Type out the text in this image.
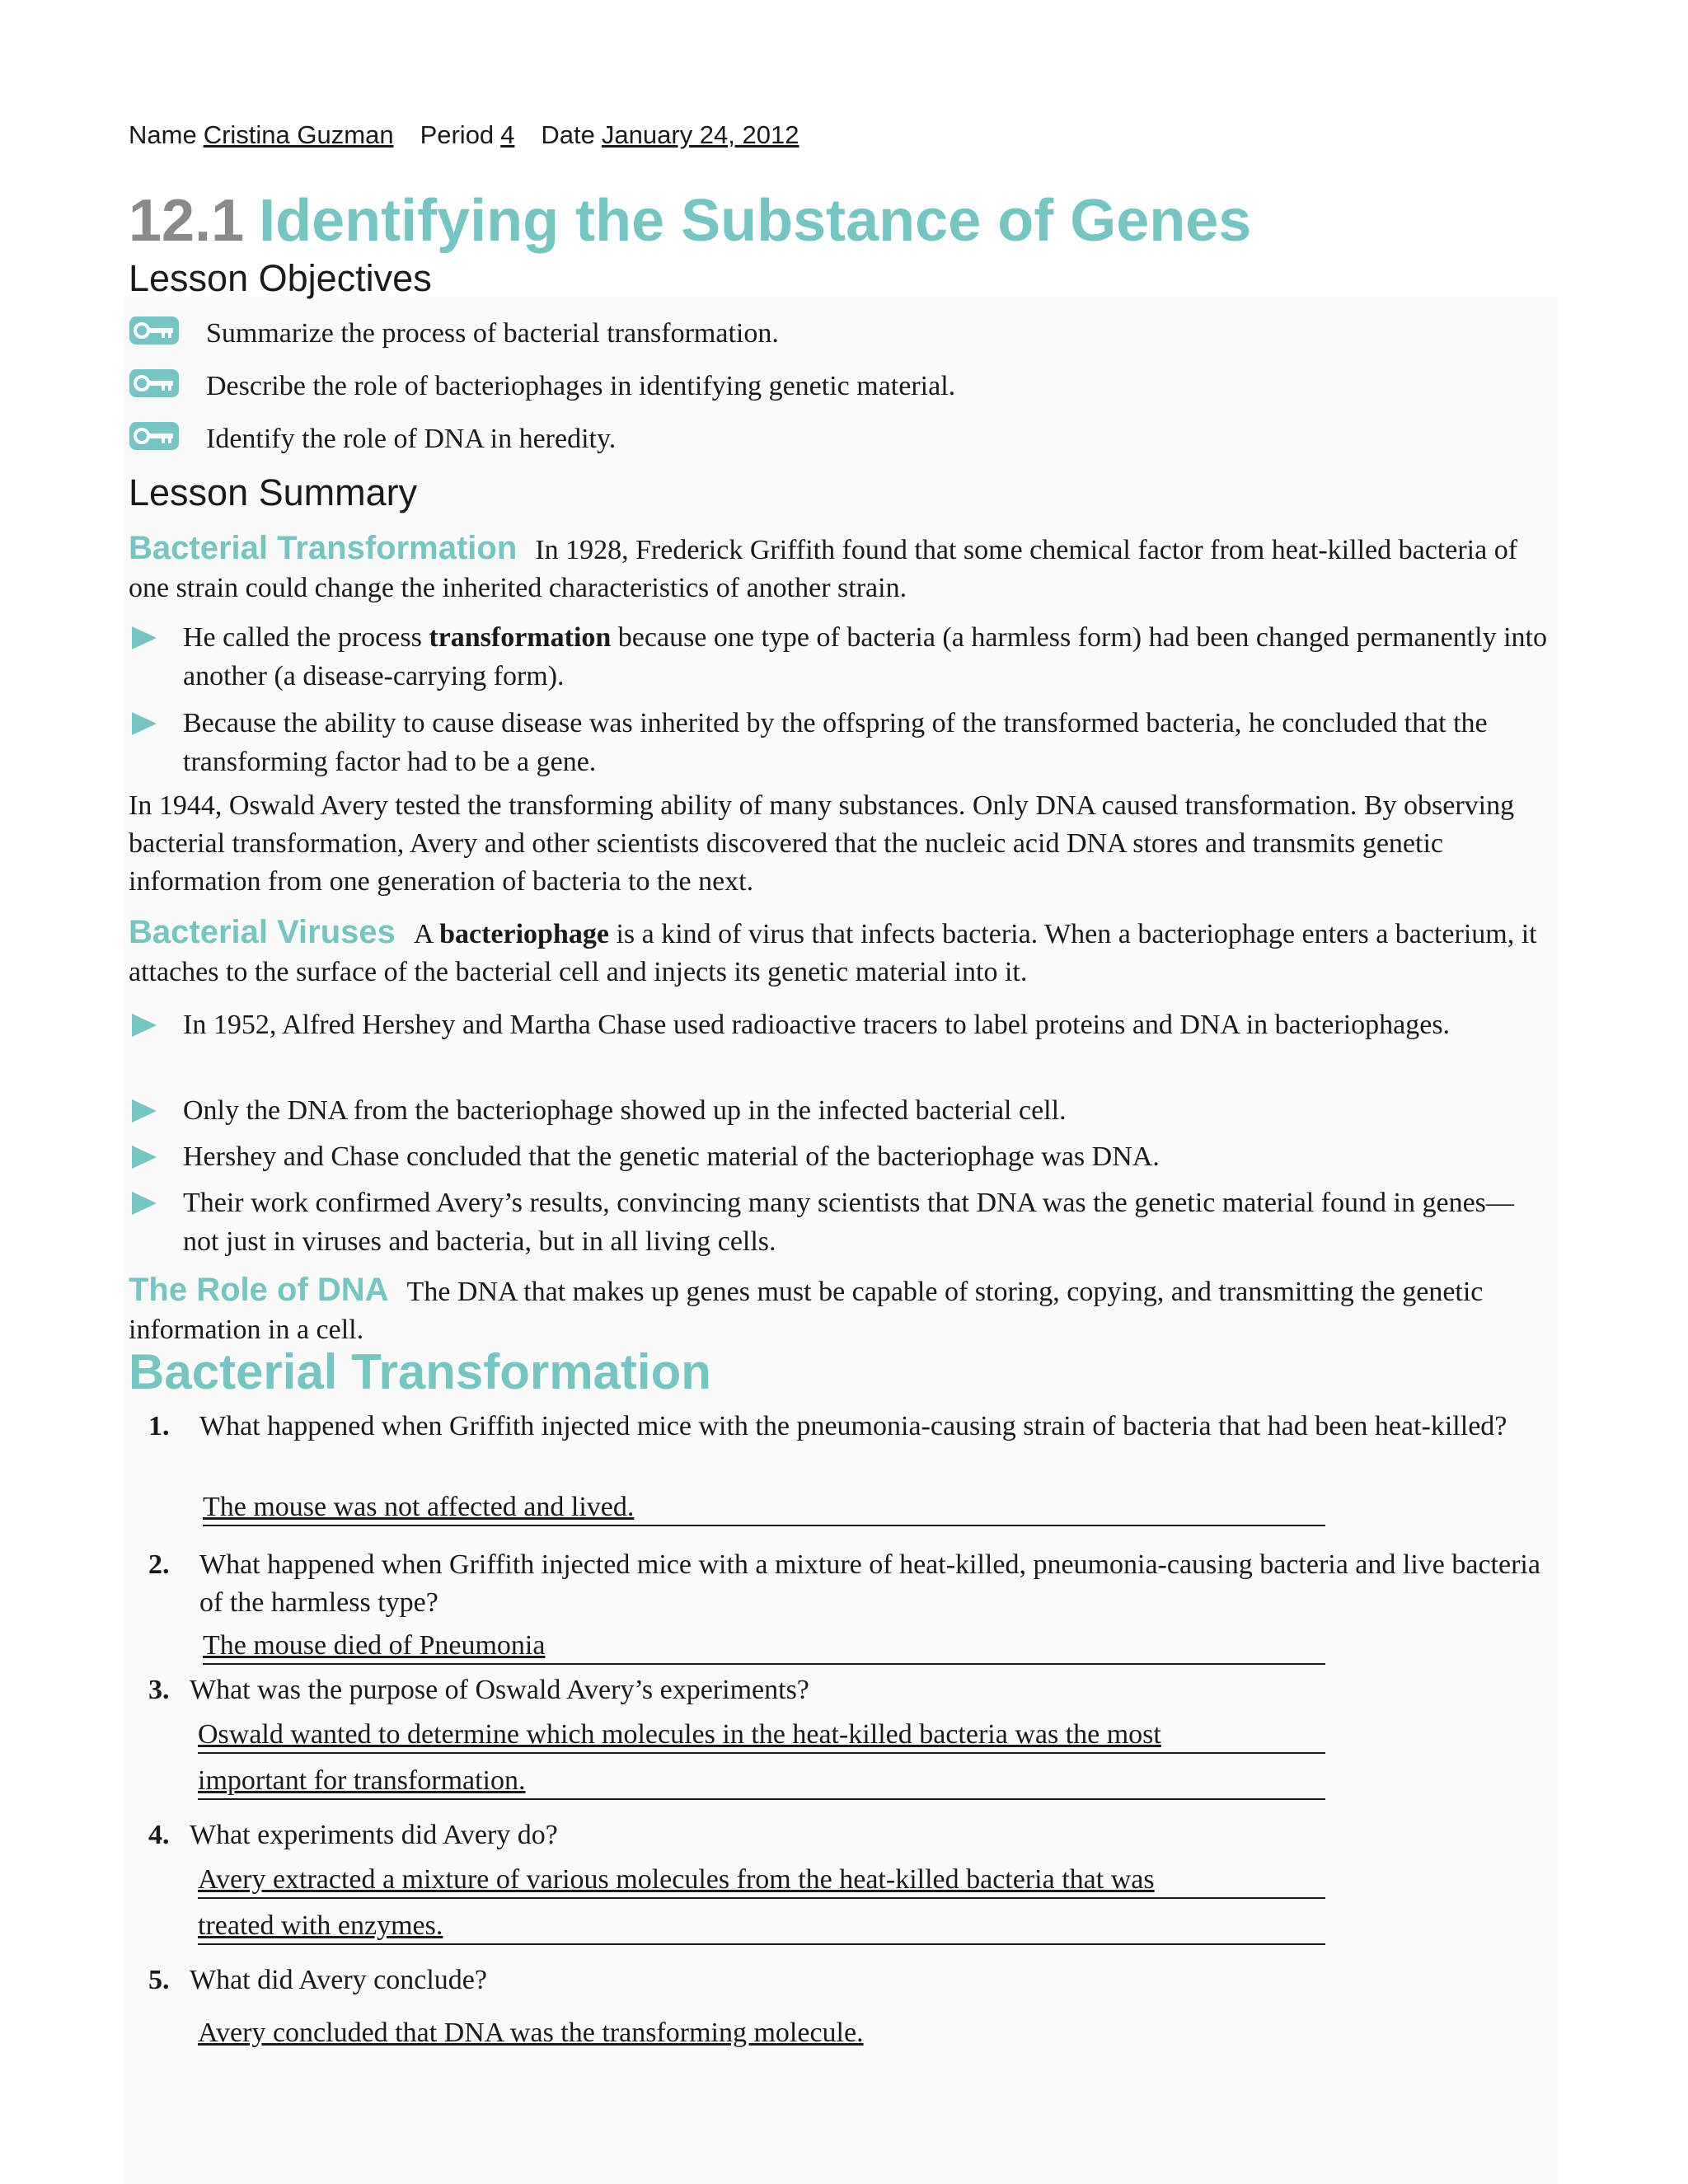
Name Cristina Guzman Period 4 Date January 24, 2012
12.1 Identifying the Substance of Genes
Lesson Objectives
Summarize the process of bacterial transformation.
Describe the role of bacteriophages in identifying genetic material.
Identify the role of DNA in heredity.
Lesson Summary
Bacterial Transformation In 1928, Frederick Griffith found that some chemical factor from heat-killed bacteria of one strain could change the inherited characteristics of another strain.
He called the process transformation because one type of bacteria (a harmless form) had been changed permanently into another (a disease-carrying form).
Because the ability to cause disease was inherited by the offspring of the transformed bacteria, he concluded that the transforming factor had to be a gene.
In 1944, Oswald Avery tested the transforming ability of many substances. Only DNA caused transformation. By observing bacterial transformation, Avery and other scientists discovered that the nucleic acid DNA stores and transmits genetic information from one generation of bacteria to the next.
Bacterial Viruses A bacteriophage is a kind of virus that infects bacteria. When a bacteriophage enters a bacterium, it attaches to the surface of the bacterial cell and injects its genetic material into it.
In 1952, Alfred Hershey and Martha Chase used radioactive tracers to label proteins and DNA in bacteriophages.
Only the DNA from the bacteriophage showed up in the infected bacterial cell.
Hershey and Chase concluded that the genetic material of the bacteriophage was DNA.
Their work confirmed Avery’s results, convincing many scientists that DNA was the genetic material found in genes—not just in viruses and bacteria, but in all living cells.
The Role of DNA The DNA that makes up genes must be capable of storing, copying, and transmitting the genetic information in a cell.
Bacterial Transformation
1. What happened when Griffith injected mice with the pneumonia-causing strain of bacteria that had been heat-killed?
The mouse was not affected and lived.
2. What happened when Griffith injected mice with a mixture of heat-killed, pneumonia-causing bacteria and live bacteria of the harmless type?
The mouse died of Pneumonia
3. What was the purpose of Oswald Avery’s experiments?
Oswald wanted to determine which molecules in the heat-killed bacteria was the most
important for transformation.
4. What experiments did Avery do?
Avery extracted a mixture of various molecules from the heat-killed bacteria that was
treated with enzymes.
5. What did Avery conclude?
Avery concluded that DNA was the transforming molecule.
